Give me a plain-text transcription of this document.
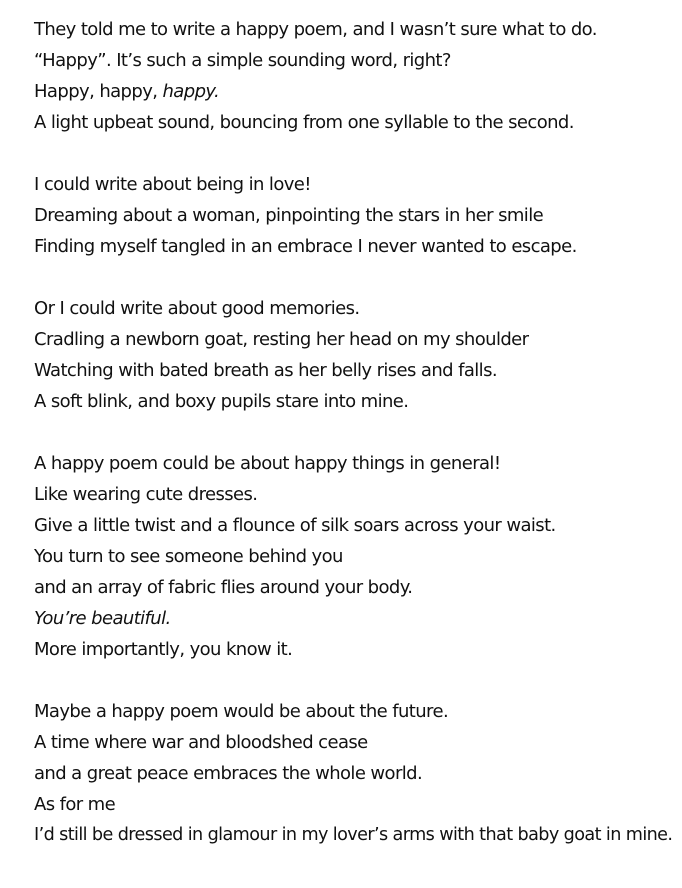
They told me to write a happy poem, and I wasn’t sure what to do.
“Happy”. It’s such a simple sounding word, right?
Happy, happy, happy.
A light upbeat sound, bouncing from one syllable to the second.
I could write about being in love!
Dreaming about a woman, pinpointing the stars in her smile
Finding myself tangled in an embrace I never wanted to escape.
Or I could write about good memories.
Cradling a newborn goat, resting her head on my shoulder
Watching with bated breath as her belly rises and falls.
A soft blink, and boxy pupils stare into mine.
A happy poem could be about happy things in general!
Like wearing cute dresses.
Give a little twist and a flounce of silk soars across your waist.
You turn to see someone behind you
and an array of fabric flies around your body.
You’re beautiful.
More importantly, you know it.
Maybe a happy poem would be about the future.
A time where war and bloodshed cease
and a great peace embraces the whole world.
As for me
I’d still be dressed in glamour in my lover’s arms with that baby goat in mine.
